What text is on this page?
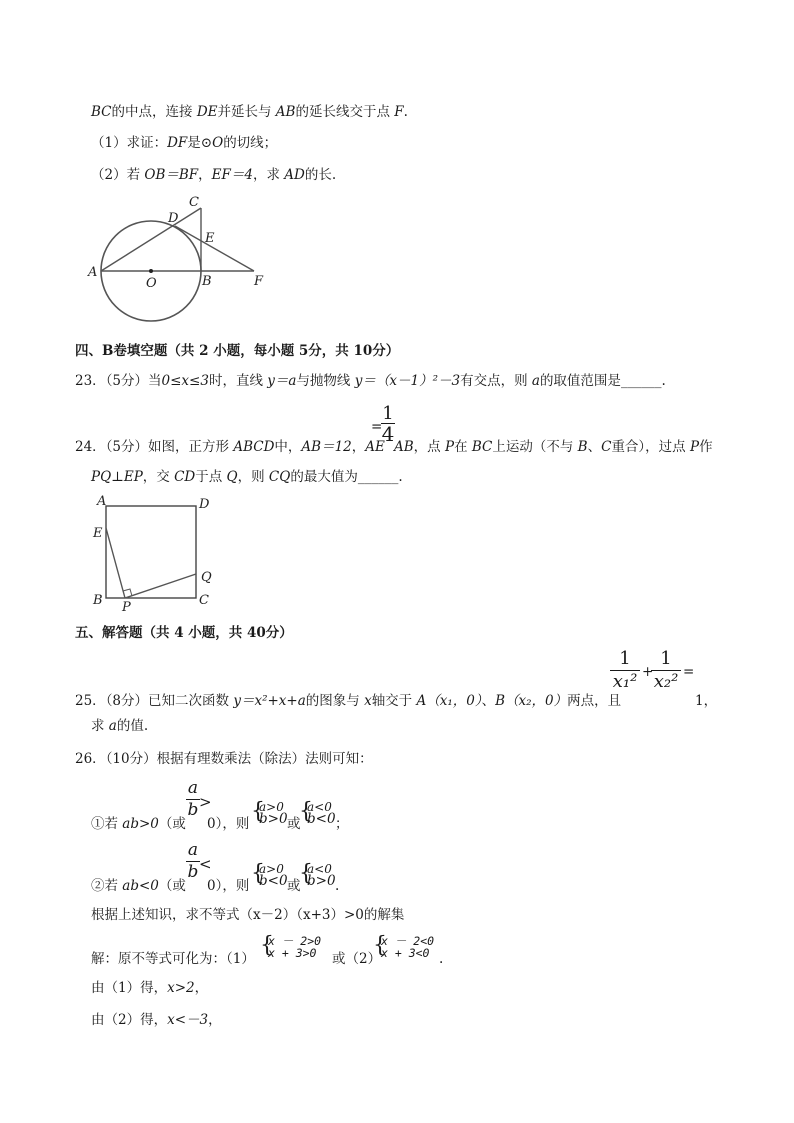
BC的中点，连接 DE并延长与 AB的延长线交于点 F.
（1）求证：DF是⊙O的切线；
（2）若 OB＝BF，EF＝4，求 AD的长.
A
O	B	F
C
D
E
四、B卷填空题（共 2 小题，每小题 5分，共 10分）
23．（5分）当0≤x≤3时，直线 y＝a与抛物线 y＝（x－1）²－3有交点，则 a的取值范围是______.
24．（5分）如图，正方形 ABCD中，AB＝12，AE
=
1
4
AB，点 P在 BC上运动（不与 B、C重合），过点 P作
PQ⊥EP，交 CD于点 Q，则 CQ的最大值为______.
A	D
E
Q
B P	C
五、解答题（共 4 小题，共 40分）
25．（8分）已知二次函数 y＝x²+x+a的图象与 x轴交于 A（x₁，0）、B（x₂，0）两点，且
1
x₁² +
1
x₂² =
1，
求 a的值.
26．（10分）根据有理数乘法（除法）法则可知：
①若 ab>0（或
a
b >
0），则 {
a>0
b>0 或
{
a<0
b<0 ；
②若 ab<0（或
a
b <
0），则 {
a>0
b<0 或
{
a<0
b>0 .
根据上述知识，求不等式（x－2）（x+3）>0的解集
解：原不等式可化为：（1）
{
x － 2>0
x + 3>0	或（2）
{
x － 2<0
x + 3<0 .
由（1）得，x>2，
由（2）得，x<－3，
